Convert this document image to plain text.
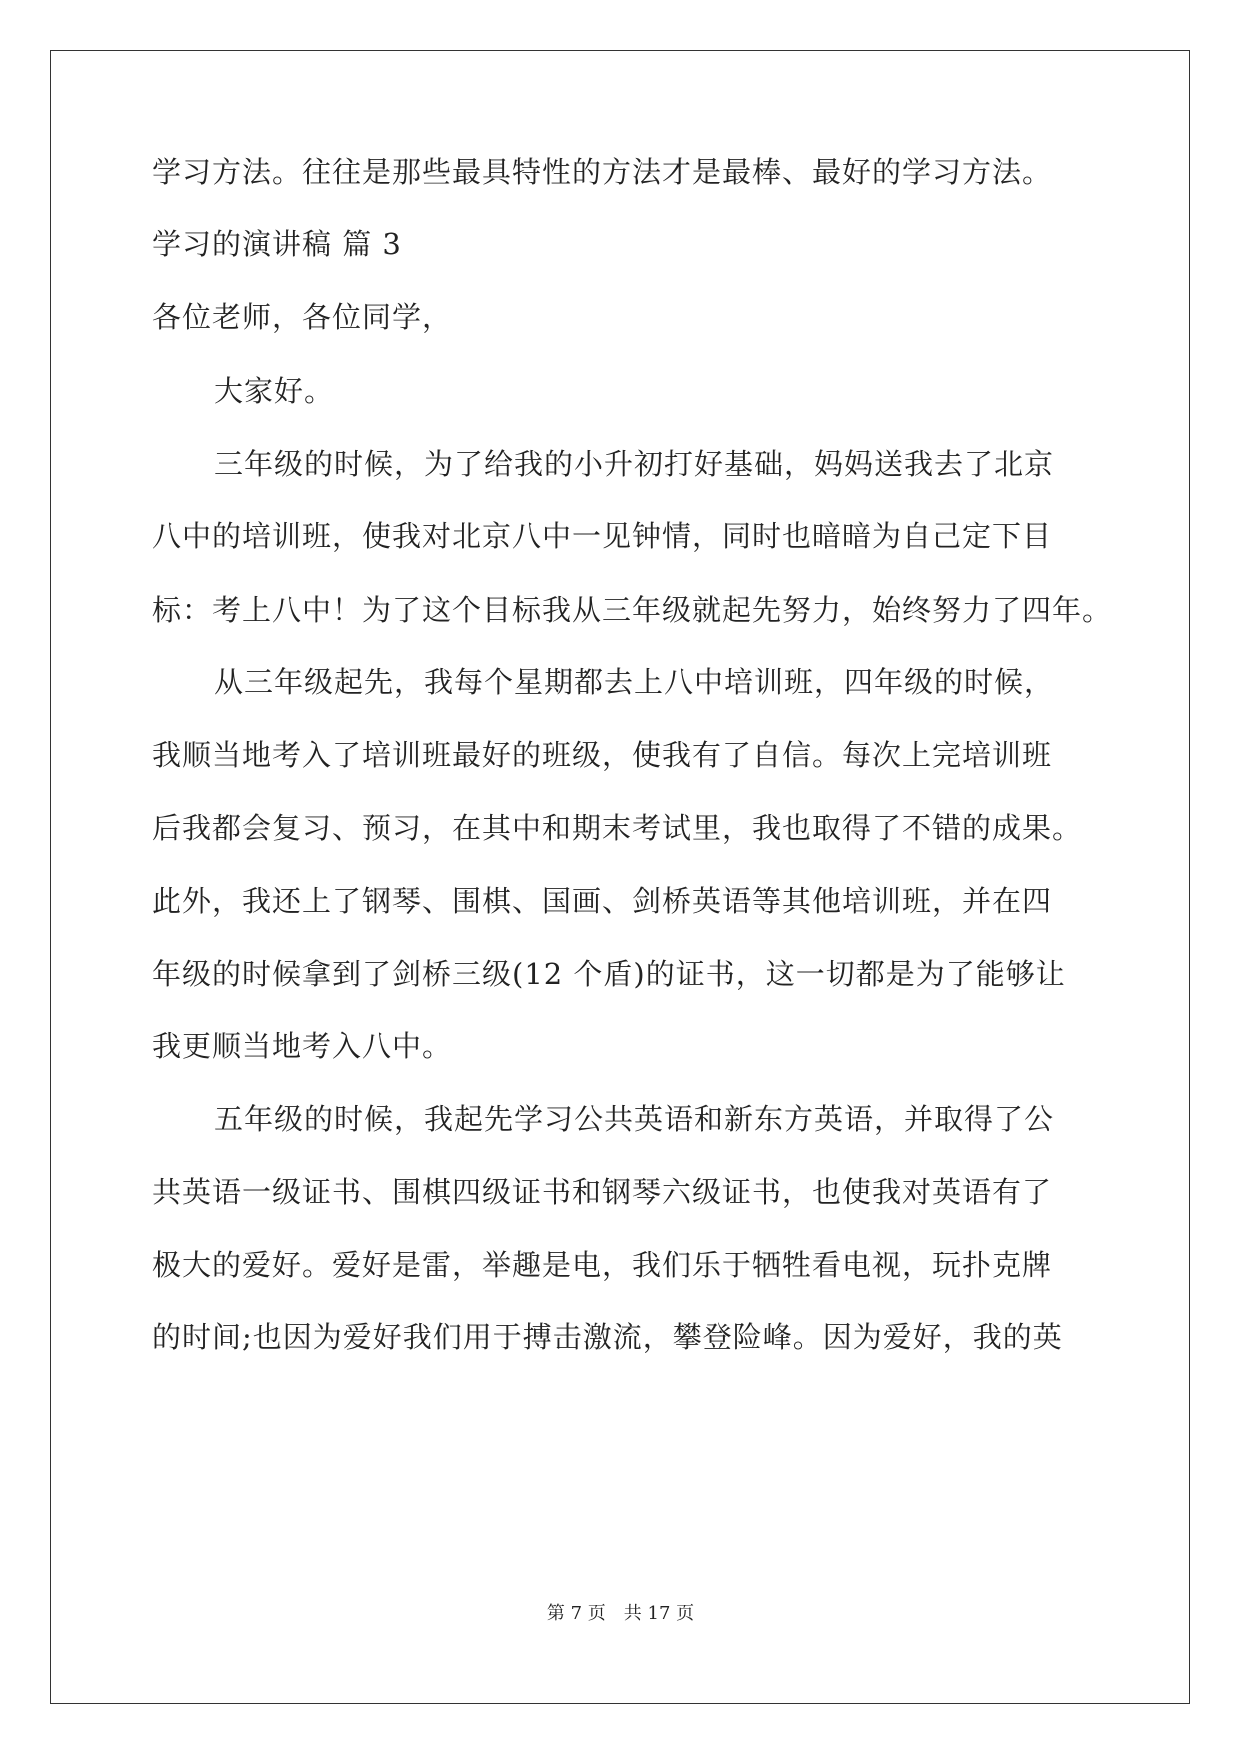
学习方法。往往是那些最具特性的方法才是最棒、最好的学习方法。
学习的演讲稿 篇 3
各位老师，各位同学，
大家好。
三年级的时候，为了给我的小升初打好基础，妈妈送我去了北京
八中的培训班，使我对北京八中一见钟情，同时也暗暗为自己定下目
标：考上八中！为了这个目标我从三年级就起先努力，始终努力了四年。
从三年级起先，我每个星期都去上八中培训班，四年级的时候，
我顺当地考入了培训班最好的班级，使我有了自信。每次上完培训班
后我都会复习、预习，在其中和期末考试里，我也取得了不错的成果。
此外，我还上了钢琴、围棋、国画、剑桥英语等其他培训班，并在四
年级的时候拿到了剑桥三级(12 个盾)的证书，这一切都是为了能够让
我更顺当地考入八中。
五年级的时候，我起先学习公共英语和新东方英语，并取得了公
共英语一级证书、围棋四级证书和钢琴六级证书，也使我对英语有了
极大的爱好。爱好是雷，举趣是电，我们乐于牺牲看电视，玩扑克牌
的时间;也因为爱好我们用于搏击激流，攀登险峰。因为爱好，我的英
第 7 页 共 17 页
